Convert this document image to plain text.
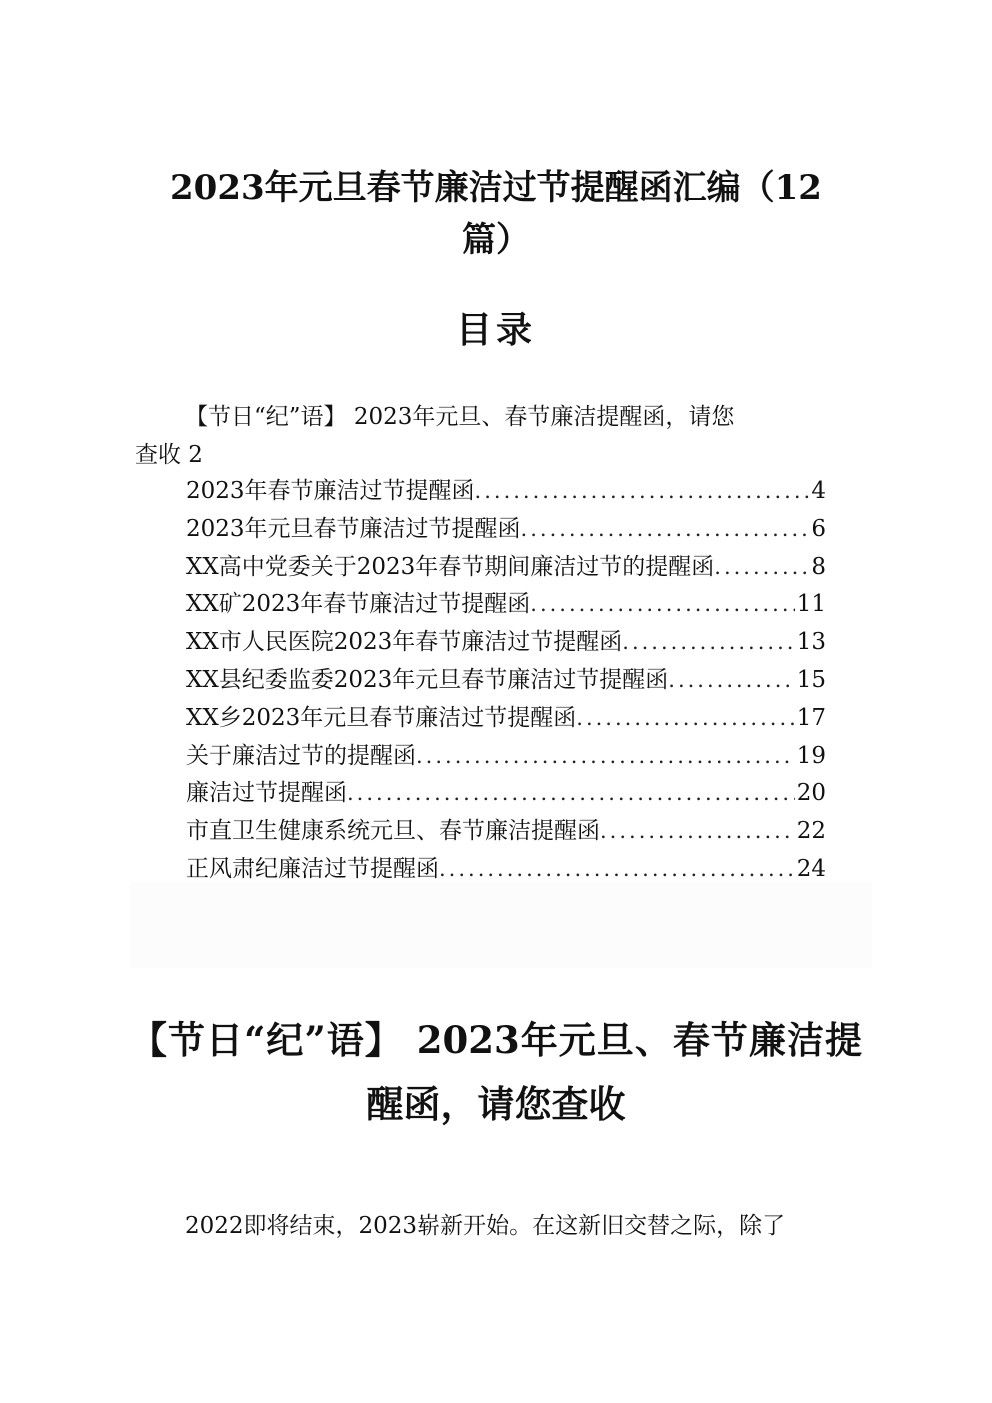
2023年元旦春节廉洁过节提醒函汇编（12
篇）
目录
【节日“纪”语】 2023年元旦、春节廉洁提醒函，请您
查收 2
2023年春节廉洁过节提醒函 .....	4
2023年元旦春节廉洁过节提醒函 .....	6
XX高中党委关于2023年春节期间廉洁过节的提醒函 .....	8
XX矿2023年春节廉洁过节提醒函 .....	11
XX市人民医院2023年春节廉洁过节提醒函 .....	13
XX县纪委监委2023年元旦春节廉洁过节提醒函 .....	15
XX乡2023年元旦春节廉洁过节提醒函 .....	17
关于廉洁过节的提醒函 .....	19
廉洁过节提醒函 .....	20
市直卫生健康系统元旦、春节廉洁提醒函 .....	22
正风肃纪廉洁过节提醒函 .....	24
【节日“纪”语】 2023年元旦、春节廉洁提
醒函，请您查收

2022即将结束，2023崭新开始。在这新旧交替之际，除了
